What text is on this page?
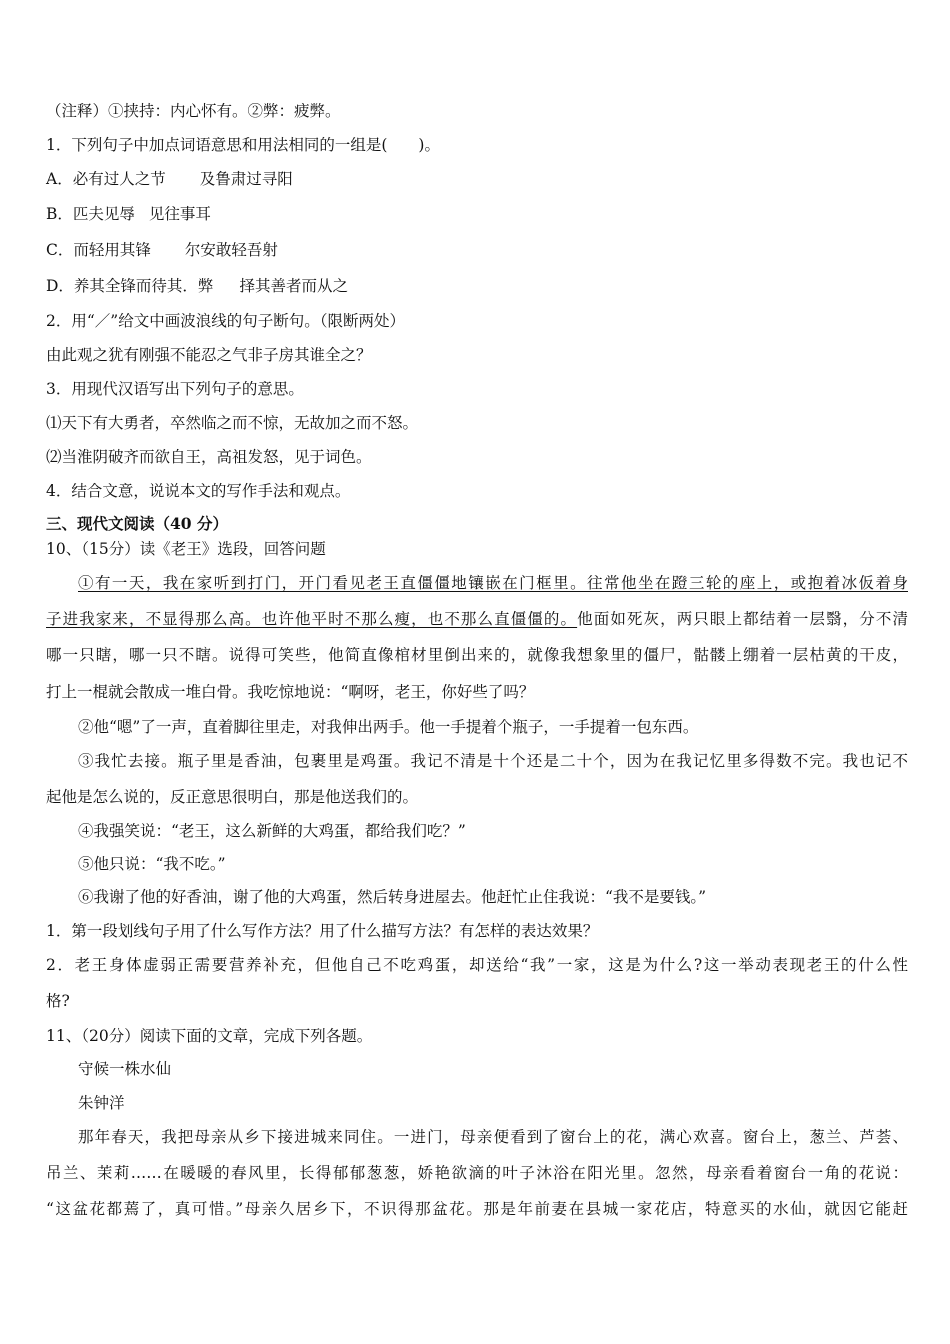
（注释）①挟持：内心怀有。②弊：疲弊。
1．下列句子中加点词语意思和用法相同的一组是(　　)。
A．必有过人之节 及鲁肃过寻阳
B．匹夫见辱 见往事耳
C．而轻用其锋 尔安敢轻吾射
D．养其全锋而待其．弊 择其善者而从之
2．用“／”给文中画波浪线的句子断句。（限断两处）
由此观之犹有刚强不能忍之气非子房其谁全之？
3．用现代汉语写出下列句子的意思。
⑴天下有大勇者，卒然临之而不惊，无故加之而不怒。
⑵当淮阴破齐而欲自王，高祖发怒，见于词色。
4．结合文意，说说本文的写作手法和观点。
三、现代文阅读（40 分）
10、（15分）读《老王》选段，回答问题
①有一天，我在家听到打门，开门看见老王直僵僵地镶嵌在门框里。往常他坐在蹬三轮的座上，或抱着冰仮着身
子进我家来，不显得那么高。也许他平时不那么瘦，也不那么直僵僵的。他面如死灰，两只眼上都结着一层翳，分不清
哪一只瞎，哪一只不瞎。说得可笑些，他简直像棺材里倒出来的，就像我想象里的僵尸，骷髅上绷着一层枯黄的干皮，
打上一棍就会散成一堆白骨。我吃惊地说：“啊呀，老王，你好些了吗？
②他“嗯”了一声，直着脚往里走，对我伸出两手。他一手提着个瓶子，一手提着一包东西。
③我忙去接。瓶子里是香油，包裹里是鸡蛋。我记不清是十个还是二十个，因为在我记忆里多得数不完。我也记不
起他是怎么说的，反正意思很明白，那是他送我们的。
④我强笑说：“老王，这么新鲜的大鸡蛋，都给我们吃？”
⑤他只说：“我不吃。”
⑥我谢了他的好香油，谢了他的大鸡蛋，然后转身进屋去。他赶忙止住我说：“我不是要钱。”
1．第一段划线句子用了什么写作方法？用了什么描写方法？有怎样的表达效果？
2．老王身体虚弱正需要营养补充，但他自己不吃鸡蛋，却送给“我”一家，这是为什么?这一举动表现老王的什么性
格?
11、（20分）阅读下面的文章，完成下列各题。
守候一株水仙
朱钟洋
那年春天，我把母亲从乡下接进城来同住。一进门，母亲便看到了窗台上的花，满心欢喜。窗台上，葱兰、芦荟、
吊兰、茉莉……在暖暖的春风里，长得郁郁葱葱，娇艳欲滴的叶子沐浴在阳光里。忽然，母亲看着窗台一角的花说：
“这盆花都蔫了，真可惜。”母亲久居乡下，不识得那盆花。那是年前妻在县城一家花店，特意买的水仙，就因它能赶
